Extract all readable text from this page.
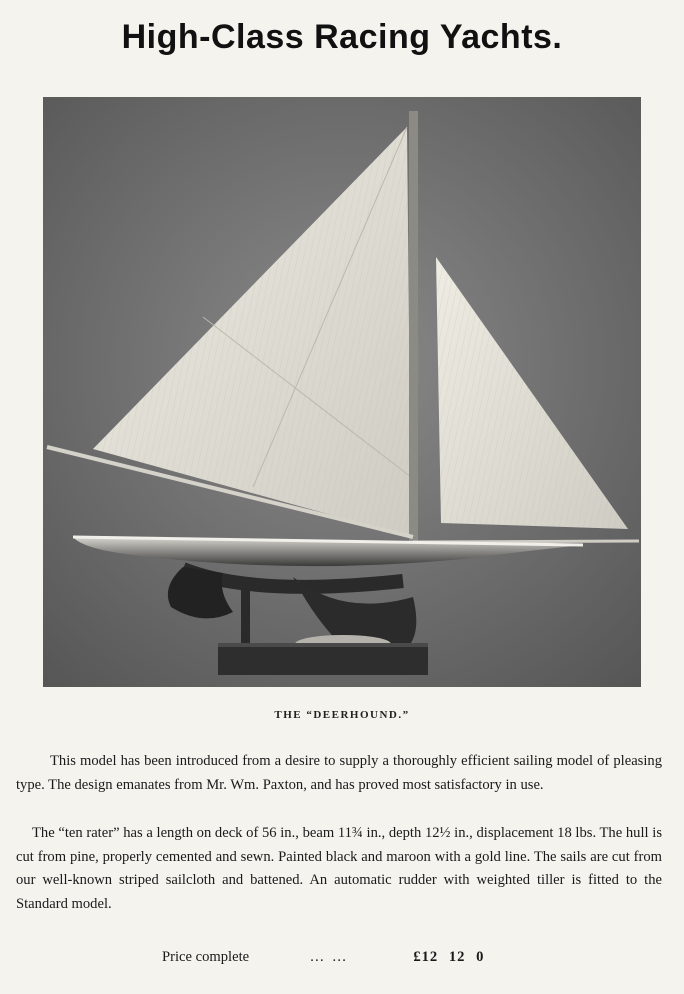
High-Class Racing Yachts.
THE “DEERHOUND.”

This model has been introduced from a desire to supply a thoroughly efficient sailing model of pleasing type. The design emanates from Mr. Wm. Paxton, and has proved most satisfactory in use.

The “ten rater” has a length on deck of 56 in., beam 11¾ in., depth 12½ in., displacement 18 lbs. The hull is cut from pine, properly cemented and sewn. Painted black and maroon with a gold line. The sails are cut from our well-known striped sailcloth and battened. An automatic rudder with weighted tiller is fitted to the Standard model.

Price complete	… …	£12 12 0
